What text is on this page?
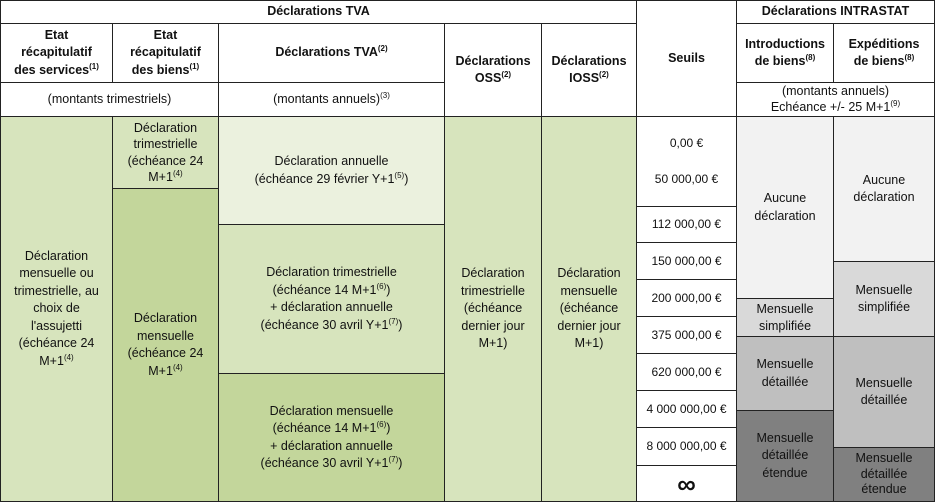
Déclarations TVA
Seuils
Déclarations INTRASTAT
Etat
récapitulatif
des services$^{(1)}$
Etat
récapitulatif
des biens$^{(1)}$
Déclarations TVA$^{(2)}$
Déclarations
OSS$^{(2)}$
Déclarations
IOSS$^{(2)}$
Introductions
de biens$^{(8)}$
Expéditions
de biens$^{(8)}$
(montants trimestriels)	(montants annuels)$^{(3)}$	(montants annuels)
Echéance +/- 25 $M+1^{(9)}$
Déclaration
mensuelle ou
trimestrielle, au
choix de
l'assujetti
(échéance 24
$M+1^{(4)}$
Déclaration
trimestrielle
(échéance 24
$M+1^{(4)}$
Déclaration
mensuelle
(échéance 24
$M+1^{(4)}$
Déclaration annuelle
(échéance 29 février $Y+1^{(5)}$)
Déclaration trimestrielle
(échéance 14 $M+1^{(6)}$)
+ déclaration annuelle
(échéance 30 avril $Y+1^{(7)}$)
Déclaration mensuelle
(échéance 14 $M+1^{(6)}$)
+ déclaration annuelle
(échéance 30 avril $Y+1^{(7)}$)
Déclaration
trimestrielle
(échéance
dernier jour
M+1)
Déclaration
mensuelle
(échéance
dernier jour
M+1)
0,00 €
50 000,00 €
112 000,00 €
150 000,00 €
200 000,00 €
375 000,00 €
620 000,00 €
4 000 000,00 €
8 000 000,00 €
∞
Aucune
déclaration
Mensuelle
simplifiée
Mensuelle
détaillée
Mensuelle
détaillée
étendue
Aucune
déclaration
Mensuelle
simplifiée
Mensuelle
détaillée
Mensuelle
détaillée
étendue
